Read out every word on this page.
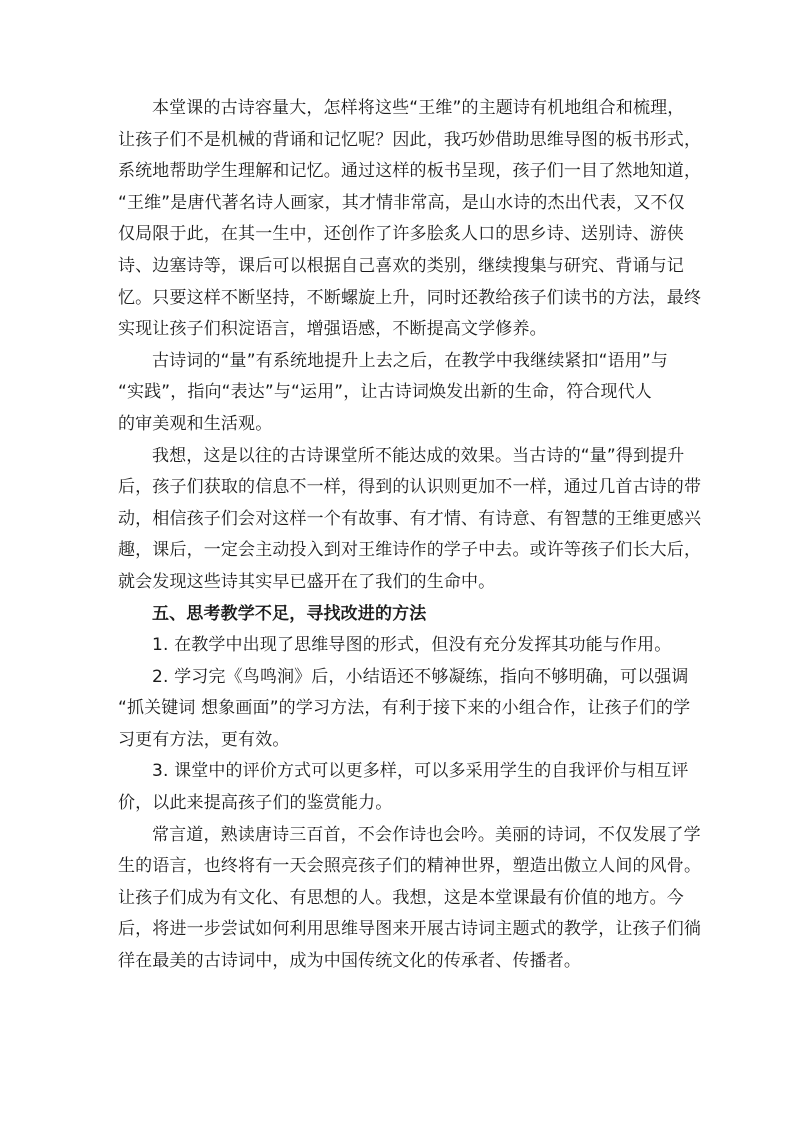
本堂课的古诗容量大，怎样将这些“王维”的主题诗有机地组合和梳理，
让孩子们不是机械的背诵和记忆呢？因此，我巧妙借助思维导图的板书形式，
系统地帮助学生理解和记忆。通过这样的板书呈现，孩子们一目了然地知道，
“王维”是唐代著名诗人画家，其才情非常高，是山水诗的杰出代表，又不仅
仅局限于此，在其一生中，还创作了许多脍炙人口的思乡诗、送别诗、游侠
诗、边塞诗等，课后可以根据自己喜欢的类别，继续搜集与研究、背诵与记
忆。只要这样不断坚持，不断螺旋上升，同时还教给孩子们读书的方法，最终
实现让孩子们积淀语言，增强语感，不断提高文学修养。
古诗词的“量”有系统地提升上去之后，在教学中我继续紧扣“语用”与
“实践”，指向“表达”与“运用”，让古诗词焕发出新的生命，符合现代人
的审美观和生活观。
我想，这是以往的古诗课堂所不能达成的效果。当古诗的“量”得到提升
后，孩子们获取的信息不一样，得到的认识则更加不一样，通过几首古诗的带
动，相信孩子们会对这样一个有故事、有才情、有诗意、有智慧的王维更感兴
趣，课后，一定会主动投入到对王维诗作的学子中去。或许等孩子们长大后，
就会发现这些诗其实早已盛开在了我们的生命中。
五、思考教学不足，寻找改进的方法
1. 在教学中出现了思维导图的形式，但没有充分发挥其功能与作用。
2. 学习完《鸟鸣涧》后，小结语还不够凝练，指向不够明确，可以强调
“抓关键词 想象画面”的学习方法，有利于接下来的小组合作，让孩子们的学
习更有方法，更有效。
3. 课堂中的评价方式可以更多样，可以多采用学生的自我评价与相互评
价，以此来提高孩子们的鉴赏能力。
常言道，熟读唐诗三百首，不会作诗也会吟。美丽的诗词，不仅发展了学
生的语言，也终将有一天会照亮孩子们的精神世界，塑造出傲立人间的风骨。
让孩子们成为有文化、有思想的人。我想，这是本堂课最有价值的地方。今
后，将进一步尝试如何利用思维导图来开展古诗词主题式的教学，让孩子们徜
徉在最美的古诗词中，成为中国传统文化的传承者、传播者。
